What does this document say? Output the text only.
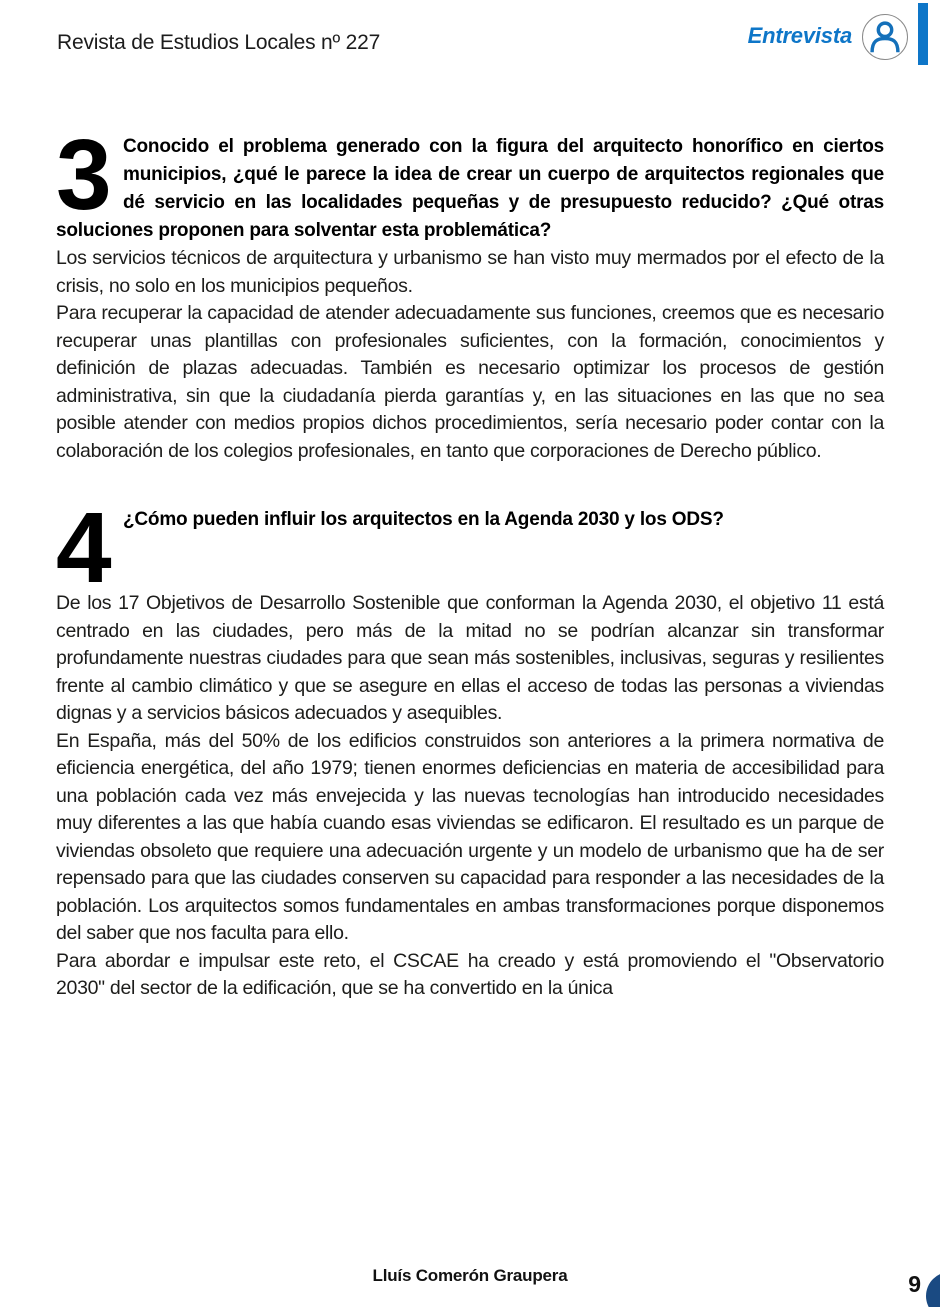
Revista de Estudios Locales nº 227	Entrevista
3 Conocido el problema generado con la figura del arquitecto honorífico en ciertos municipios, ¿qué le parece la idea de crear un cuerpo de arquitectos regionales que dé servicio en las localidades pequeñas y de presupuesto reducido? ¿Qué otras soluciones proponen para solventar esta problemática?

Los servicios técnicos de arquitectura y urbanismo se han visto muy mermados por el efecto de la crisis, no solo en los municipios pequeños.

Para recuperar la capacidad de atender adecuadamente sus funciones, creemos que es necesario recuperar unas plantillas con profesionales suficientes, con la formación, conocimientos y definición de plazas adecuadas. También es necesario optimizar los procesos de gestión administrativa, sin que la ciudadanía pierda garantías y, en las situaciones en las que no sea posible atender con medios propios dichos procedimientos, sería necesario poder contar con la colaboración de los colegios profesionales, en tanto que corporaciones de Derecho público.

4 ¿Cómo pueden influir los arquitectos en la Agenda 2030 y los ODS?

De los 17 Objetivos de Desarrollo Sostenible que conforman la Agenda 2030, el objetivo 11 está centrado en las ciudades, pero más de la mitad no se podrían alcanzar sin transformar profundamente nuestras ciudades para que sean más sostenibles, inclusivas, seguras y resilientes frente al cambio climático y que se asegure en ellas el acceso de todas las personas a viviendas dignas y a servicios básicos adecuados y asequibles.

En España, más del 50% de los edificios construidos son anteriores a la primera normativa de eficiencia energética, del año 1979; tienen enormes deficiencias en materia de accesibilidad para una población cada vez más envejecida y las nuevas tecnologías han introducido necesidades muy diferentes a las que había cuando esas viviendas se edificaron. El resultado es un parque de viviendas obsoleto que requiere una adecuación urgente y un modelo de urbanismo que ha de ser repensado para que las ciudades conserven su capacidad para responder a las necesidades de la población. Los arquitectos somos fundamentales en ambas transformaciones porque disponemos del saber que nos faculta para ello.

Para abordar e impulsar este reto, el CSCAE ha creado y está promoviendo el "Observatorio 2030" del sector de la edificación, que se ha convertido en la única

Lluís Comerón Graupera	9
